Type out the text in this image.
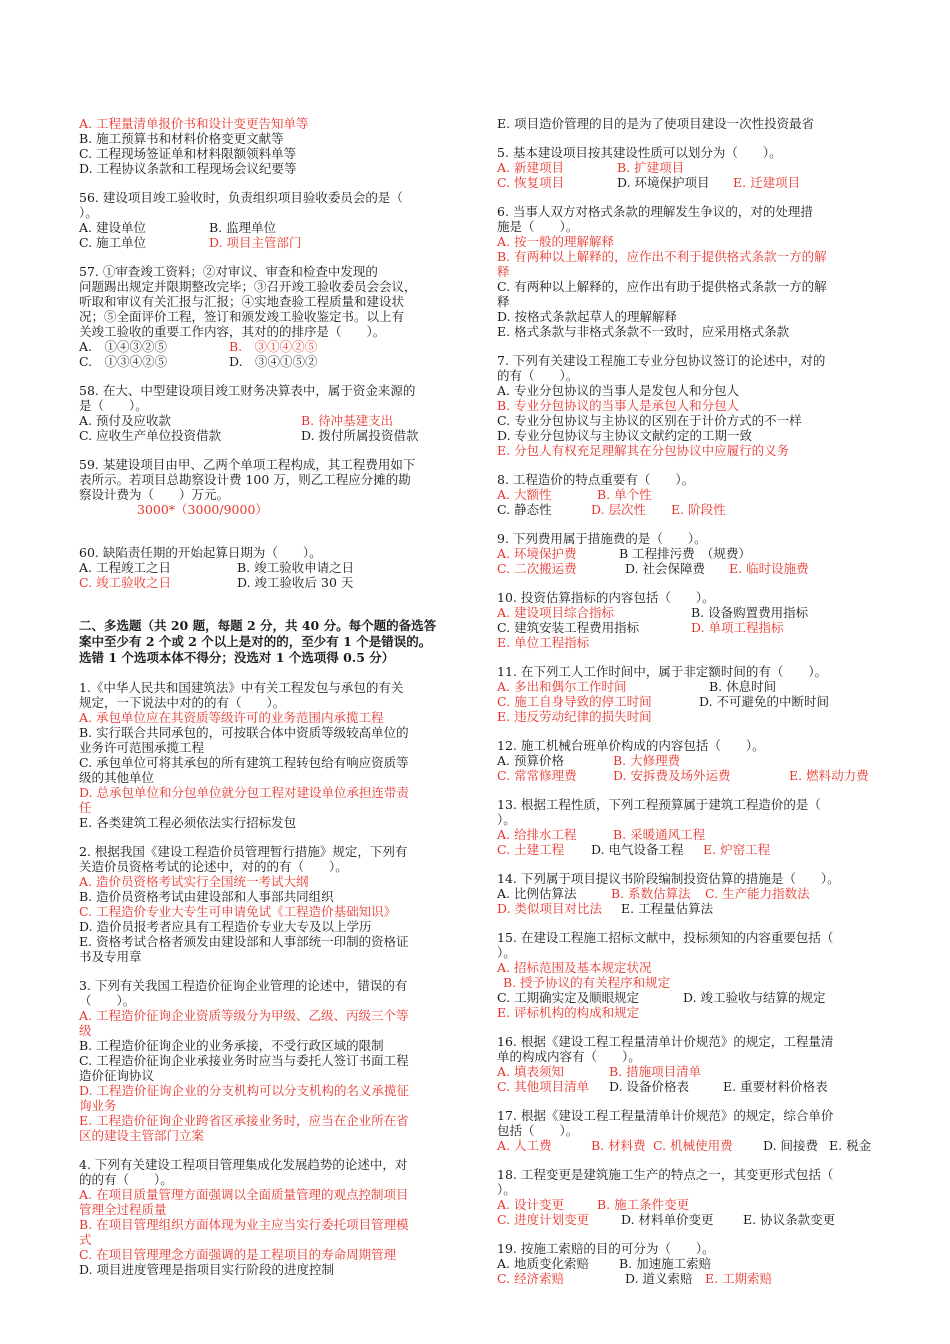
A. 工程量清单报价书和设计变更告知单等
B. 施工预算书和材料价格变更文献等
C. 工程现场签证单和材料限额领料单等
D. 工程协议条款和工程现场会议纪要等
56. 建设项目竣工验收时，负责组织项目验收委员会的是（
）。
A. 建设单位	B. 监理单位
C. 施工单位	D. 项目主管部门
57. ①审查竣工资料；②对审议、审查和检查中发现的
问题踢出规定并限期整改完毕；③召开竣工验收委员会会议，
听取和审议有关汇报与汇报；④实地查验工程质量和建设状
况；⑤全面评价工程，签订和颁发竣工验收鉴定书。以上有
关竣工验收的重要工作内容，其对的的排序是（　　）。
A.　①④③②⑤	B.　③①④②⑤
C.　①③④②⑤	D.　③④①⑤②
58. 在大、中型建设项目竣工财务决算表中，属于资金来源的
是（　　）。
A. 预付及应收款	B. 待冲基建支出
C. 应收生产单位投资借款	D. 拨付所属投资借款
59. 某建设项目由甲、乙两个单项工程构成，其工程费用如下
表所示。若项目总勘察设计费 100 万，则乙工程应分摊的勘
察设计费为（　　）万元。
3000*（3000/9000）
60. 缺陷责任期的开始起算日期为（　　）。
A. 工程竣工之日	B. 竣工验收申请之日
C. 竣工验收之日	D. 竣工验收后 30 天
二、多选题（共 20 题，每题 2 分，共 40 分。每个题的备选答
案中至少有 2 个或 2 个以上是对的的，至少有 1 个是错误的。
选错 1 个选项本体不得分；没选对 1 个选项得 0.5 分）
1.《中华人民共和国建筑法》中有关工程发包与承包的有关
规定，一下说法中对的的有（　　）。
A. 承包单位应在其资质等级许可的业务范围内承揽工程
B. 实行联合共同承包的，可按联合体中资质等级较高单位的
业务许可范围承揽工程
C. 承包单位可将其承包的所有建筑工程转包给有响应资质等
级的其他单位
D. 总承包单位和分包单位就分包工程对建设单位承担连带责
任
E. 各类建筑工程必须依法实行招标发包
2. 根据我国《建设工程造价员管理暂行措施》规定，下列有
关造价员资格考试的论述中，对的的有（　　）。
A. 造价员资格考试实行全国统一考试大纲
B. 造价员资格考试由建设部和人事部共同组织
C. 工程造价专业大专生可申请免试《工程造价基础知识》
D. 造价员报考者应具有工程造价专业大专及以上学历
E. 资格考试合格者颁发由建设部和人事部统一印制的资格证
书及专用章
3. 下列有关我国工程造价征询企业管理的论述中，错误的有
（　　）。
A. 工程造价征询企业资质等级分为甲级、乙级、丙级三个等
级
B. 工程造价征询企业的业务承接，不受行政区域的限制
C. 工程造价征询企业承接业务时应当与委托人签订书面工程
造价征询协议
D. 工程造价征询企业的分支机构可以分支机构的名义承揽征
询业务
E. 工程造价征询企业跨省区承接业务时，应当在企业所在省
区的建设主管部门立案
4. 下列有关建设工程项目管理集成化发展趋势的论述中，对
的的有（　　）。
A. 在项目质量管理方面强调以全面质量管理的观点控制项目
管理全过程质量
B. 在项目管理组织方面体现为业主应当实行委托项目管理模
式
C. 在项目管理理念方面强调的是工程项目的寿命周期管理
D. 项目进度管理是指项目实行阶段的进度控制
E. 项目造价管理的目的是为了使项目建设一次性投资最省
5. 基本建设项目按其建设性质可以划分为（　　）。
A. 新建项目	B. 扩建项目
C. 恢复项目	D. 环境保护项目 E. 迁建项目
6. 当事人双方对格式条款的理解发生争议的，对的处理措
施是（　　）。
A. 按一般的理解解释
B. 有两种以上解释的，应作出不利于提供格式条款一方的解
释
C. 有两种以上解释的，应作出有助于提供格式条款一方的解
释
D. 按格式条款起草人的理解解释
E. 格式条款与非格式条款不一致时，应采用格式条款
7. 下列有关建设工程施工专业分包协议签订的论述中，对的
的有（　　）。
A. 专业分包协议的当事人是发包人和分包人
B. 专业分包协议的当事人是承包人和分包人
C. 专业分包协议与主协议的区别在于计价方式的不一样
D. 专业分包协议与主协议文献约定的工期一致
E. 分包人有权充足理解其在分包协议中应履行的义务
8. 工程造价的特点重要有（　　）。
A. 大额性	B. 单个性
C. 静态性	D. 层次性 E. 阶段性
9. 下列费用属于措施费的是（　　）。
A. 环境保护费	B 工程排污费　（规费）
C. 二次搬运费	D. 社会保障费 E. 临时设施费
10. 投资估算指标的内容包括（　　）。
A. 建设项目综合指标	B. 设备购置费用指标
C. 建筑安装工程费用指标	D. 单项工程指标
E. 单位工程指标
11. 在下列工人工作时间中，属于非定额时间的有（　　）。
A. 多出和偶尔工作时间	B. 休息时间
C. 施工自身导致的停工时间	D. 不可避免的中断时间
E. 违反劳动纪律的损失时间
12. 施工机械台班单价构成的内容包括（　　）。
A. 预算价格	B. 大修理费
C. 常常修理费	D. 安拆费及场外运费	E. 燃料动力费
13. 根据工程性质，下列工程预算属于建筑工程造价的是（
）。
A. 给排水工程	B. 采暖通风工程
C. 土建工程 D. 电气设备工程 E. 炉窑工程
14. 下列属于项目提议书阶段编制投资估算的措施是（　　）。
A. 比例估算法	B. 系数估算法 C. 生产能力指数法
D. 类似项目对比法 E. 工程量估算法
15. 在建设工程施工招标文献中，投标须知的内容重要包括（
）。
A. 招标范围及基本规定状况
B. 授予协议的有关程序和规定
C. 工期确实定及顺眼规定	D. 竣工验收与结算的规定
E. 评标机构的构成和规定
16. 根据《建设工程工程量清单计价规范》的规定，工程量清
单的构成内容有（　　）。
A. 填表须知	B. 措施项目清单
C. 其他项目清单 D. 设备价格表	E. 重要材料价格表
17. 根据《建设工程工程量清单计价规范》的规定，综合单价
包括（　　）。
A. 人工费	B. 材料费 C. 机械使用费 D. 间接费 E. 税金
18. 工程变更是建筑施工生产的特点之一，其变更形式包括（
）。
A. 设计变更	B. 施工条件变更
C. 进度计划变更	D. 材料单价变更 E. 协议条款变更
19. 按施工索赔的目的可分为（　　）。
A. 地质变化索赔 B. 加速施工索赔
C. 经济索赔	D. 道义索赔 E. 工期索赔
